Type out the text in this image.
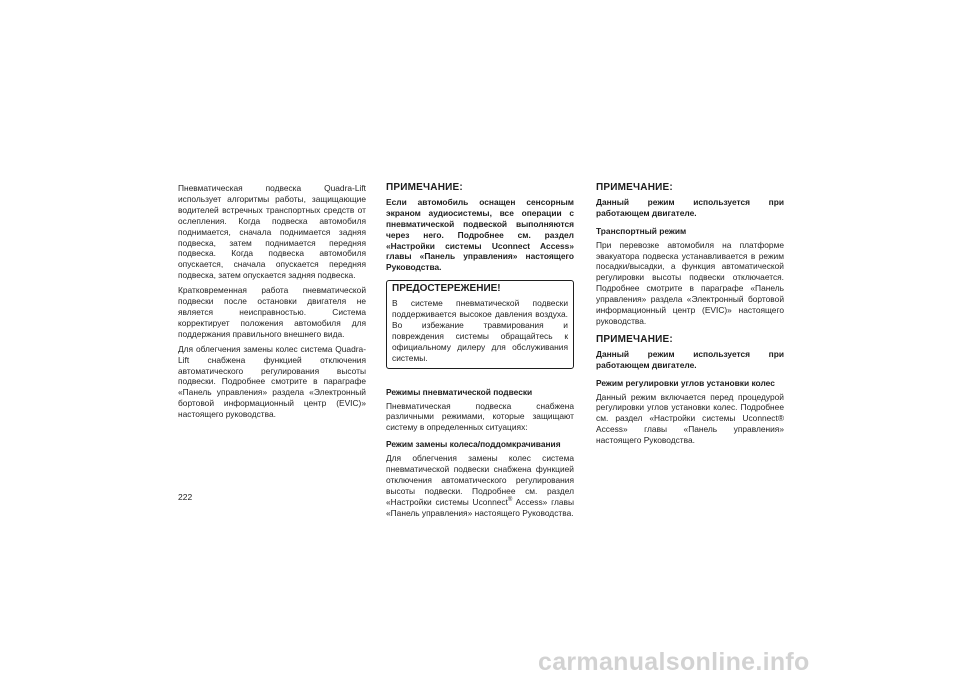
Пневматическая подвеска Quadra-Lift использует алгоритмы работы, защищающие водителей встречных транспортных средств от ослепления. Когда подвеска автомобиля поднимается, сначала поднимается задняя подвеска, затем поднимается передняя подвеска. Когда подвеска автомобиля опускается, сначала опускается передняя подвеска, затем опускается задняя подвеска.

Кратковременная работа пневматической подвески после остановки двигателя не является неисправностью. Система корректирует положения автомобиля для поддержания правильного внешнего вида.

Для облегчения замены колес система Quadra-Lift снабжена функцией отключения автоматического регулирования высоты подвески. Подробнее смотрите в параграфе «Панель управления» раздела «Электронный бортовой информационный центр (EVIC)» настоящего руководства.

ПРИМЕЧАНИЕ:

Если автомобиль оснащен сенсорным экраном аудиосистемы, все операции с пневматической подвеской выполняются через него. Подробнее см. раздел «Настройки системы Uconnect Access» главы «Панель управления» настоящего Руководства.

ПРЕДОСТЕРЕЖЕНИЕ!

В системе пневматической подвески поддерживается высокое давления воздуха. Во избежание травмирования и повреждения системы обращайтесь к официальному дилеру для обслуживания системы.

Режимы пневматической подвески

Пневматическая подвеска снабжена различными режимами, которые защищают систему в определенных ситуациях:

Режим замены колеса/поддомкрачивания

Для облегчения замены колес система пневматической подвески снабжена функцией отключения автоматического регулирования высоты подвески. Подробнее см. раздел «Настройки системы Uconnect® Access» главы «Панель управления» настоящего Руководства.

ПРИМЕЧАНИЕ:

Данный режим используется при работающем двигателе.

Транспортный режим

При перевозке автомобиля на платформе эвакуатора подвеска устанавливается в режим посадки/высадки, а функция автоматической регулировки высоты подвески отключается. Подробнее смотрите в параграфе «Панель управления» раздела «Электронный бортовой информационный центр (EVIC)» настоящего руководства.

ПРИМЕЧАНИЕ:

Данный режим используется при работающем двигателе.

Режим регулировки углов установки колес

Данный режим включается перед процедурой регулировки углов установки колес. Подробнее см. раздел «Настройки системы Uconnect® Access» главы «Панель управления» настоящего Руководства.

222
carmanualsonline.info
